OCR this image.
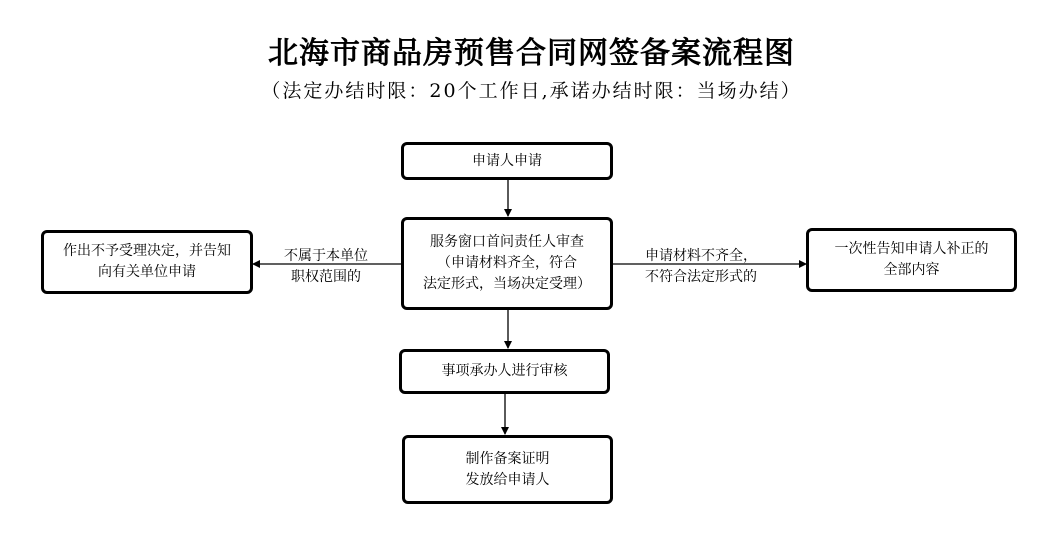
北海市商品房预售合同网签备案流程图
（法定办结时限：20个工作日,承诺办结时限：当场办结）
申请人申请
服务窗口首问责任人审查
（申请材料齐全，符合
法定形式，当场决定受理）
作出不予受理决定，并告知
向有关单位申请
一次性告知申请人补正的
全部内容
事项承办人进行审核
制作备案证明
发放给申请人
不属于本单位
职权范围的
申请材料不齐全，
不符合法定形式的
